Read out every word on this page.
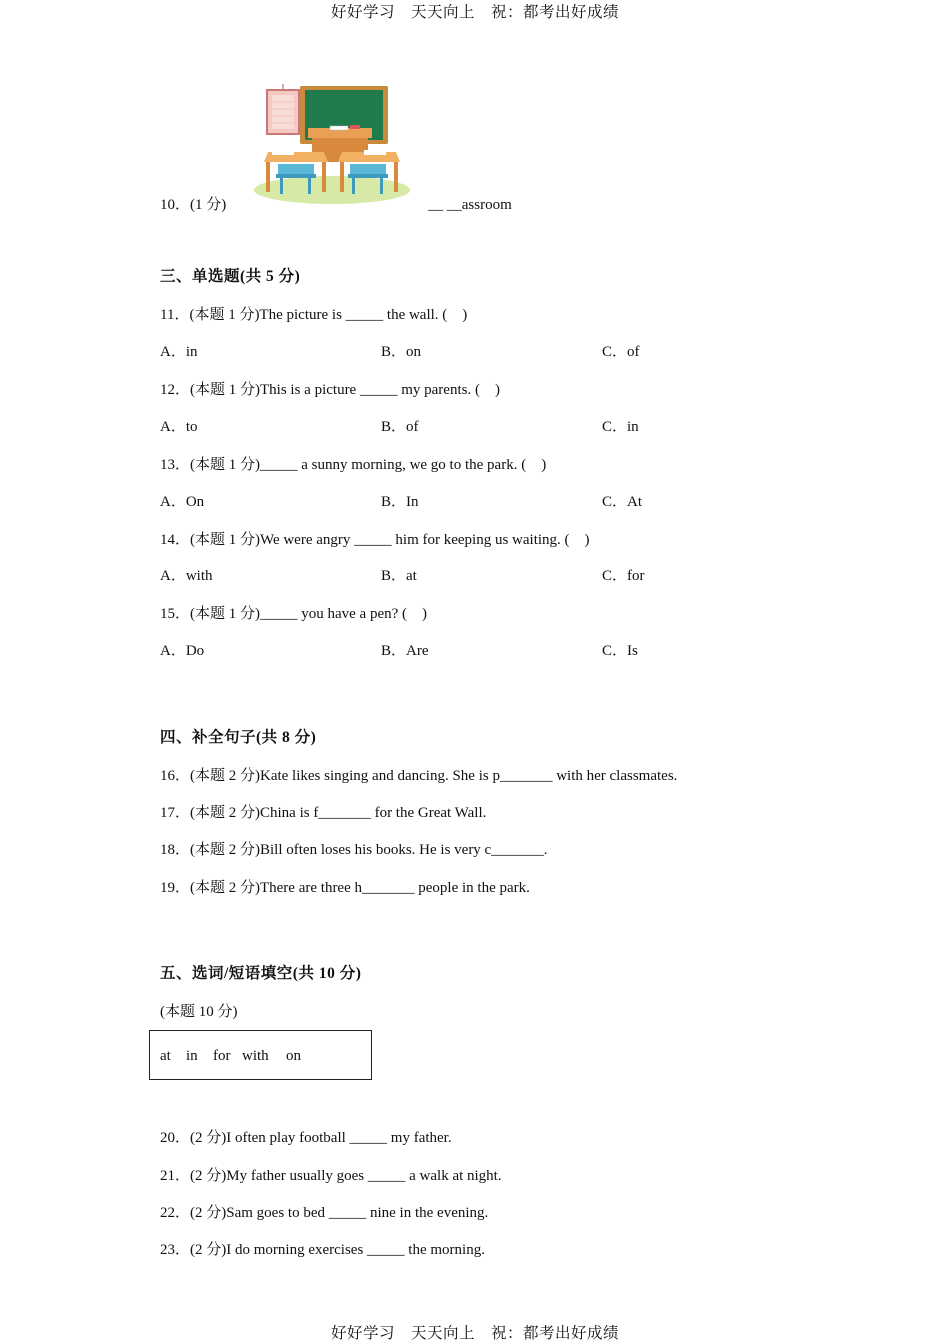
好好学习　天天向上　祝：都考出好成绩
10．(1 分)	__ __assroom
三、单选题(共 5 分)
11．(本题 1 分)The picture is _____ the wall. (    )
A．in	B．on	C．of
12．(本题 1 分)This is a picture _____ my parents. (    )
A．to	B．of	C．in
13．(本题 1 分)_____ a sunny morning, we go to the park. (    )
A．On	B．In	C．At
14．(本题 1 分)We were angry _____ him for keeping us waiting. (    )
A．with	B．at	C．for
15．(本题 1 分)_____ you have a pen? (    )
A．Do	B．Are	C．Is
四、补全句子(共 8 分)
16．(本题 2 分)Kate likes singing and dancing. She is p_______ with her classmates.
17．(本题 2 分)China is f_______ for the Great Wall.
18．(本题 2 分)Bill often loses his books. He is very c_______.
19．(本题 2 分)There are three h_______ people in the park.
五、选词/短语填空(共 10 分)
(本题 10 分)
at in for with on
20．(2 分)I often play football _____ my father.
21．(2 分)My father usually goes _____ a walk at night.
22．(2 分)Sam goes to bed _____ nine in the evening.
23．(2 分)I do morning exercises _____ the morning.
好好学习　天天向上　祝：都考出好成绩
